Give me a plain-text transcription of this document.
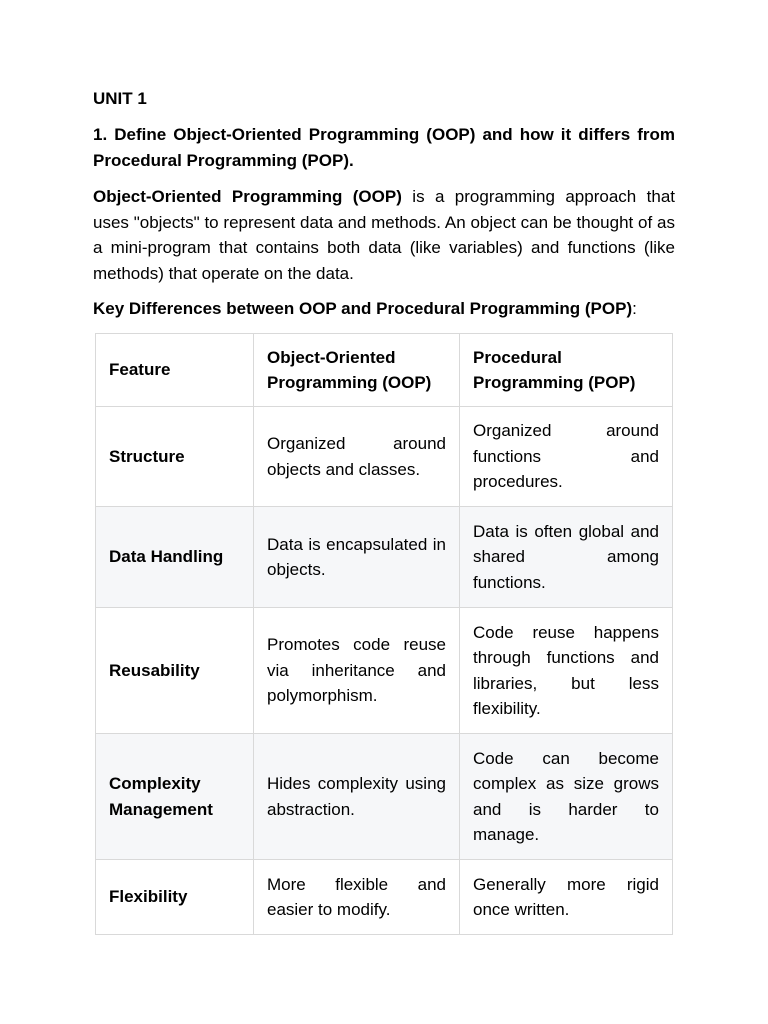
UNIT 1
1. Define Object-Oriented Programming (OOP) and how it differs from Procedural Programming (POP).
Object-Oriented Programming (OOP) is a programming approach that uses "objects" to represent data and methods. An object can be thought of as a mini-program that contains both data (like variables) and functions (like methods) that operate on the data.
Key Differences between OOP and Procedural Programming (POP):
Feature	Object-Oriented Programming (OOP)	Procedural Programming (POP)
Structure	Organized around objects and classes.	Organized around functions and procedures.
Data Handling	Data is encapsulated in objects.	Data is often global and shared among functions.
Reusability	Promotes code reuse via inheritance and polymorphism.	Code reuse happens through functions and libraries, but less flexibility.
Complexity Management	Hides complexity using abstraction.	Code can become complex as size grows and is harder to manage.
Flexibility	More flexible and easier to modify.	Generally more rigid once written.
